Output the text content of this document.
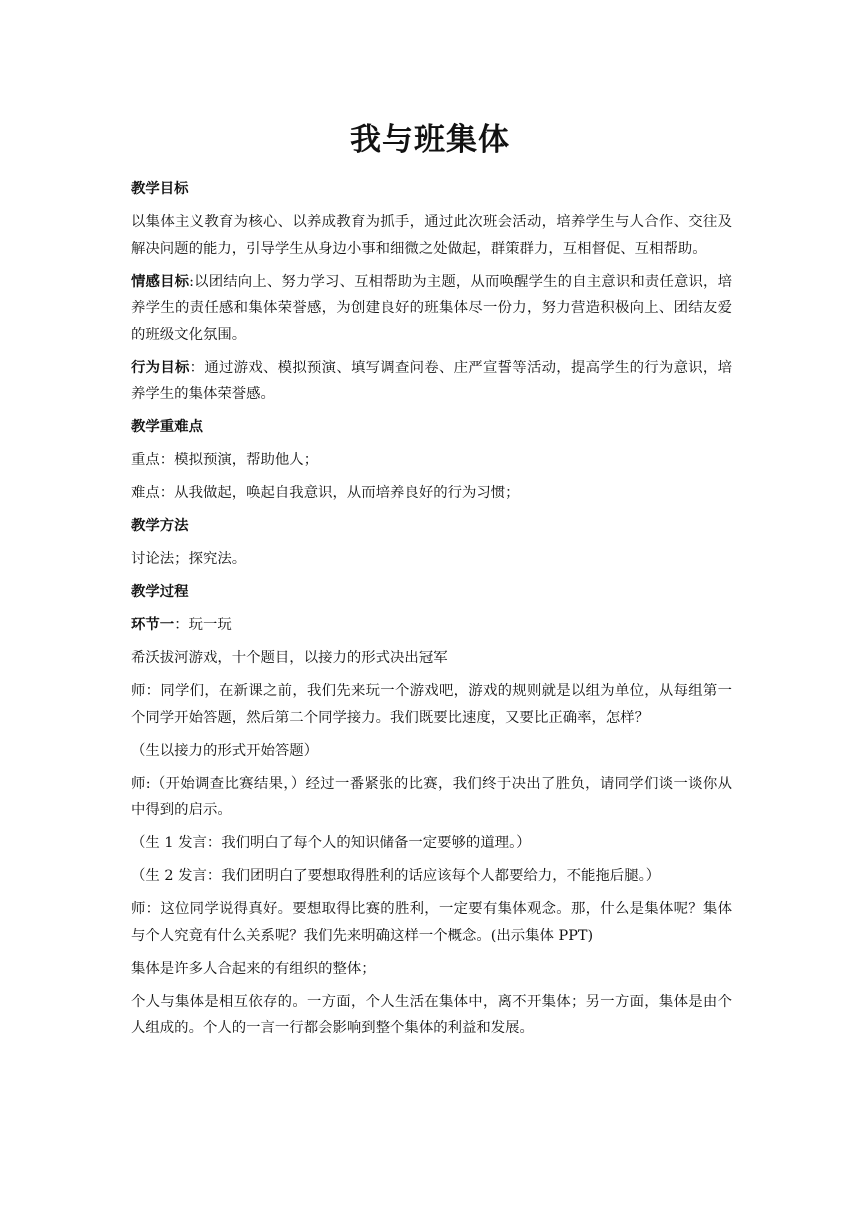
我与班集体

教学目标

以集体主义教育为核心、以养成教育为抓手，通过此次班会活动，培养学生与人合作、交往及解决问题的能力，引导学生从身边小事和细微之处做起，群策群力，互相督促、互相帮助。

情感目标:以团结向上、努力学习、互相帮助为主题，从而唤醒学生的自主意识和责任意识，培养学生的责任感和集体荣誉感，为创建良好的班集体尽一份力，努力营造积极向上、团结友爱的班级文化氛围。

行为目标：通过游戏、模拟预演、填写调查问卷、庄严宣誓等活动，提高学生的行为意识，培养学生的集体荣誉感。

教学重难点

重点：模拟预演，帮助他人；

难点：从我做起，唤起自我意识，从而培养良好的行为习惯；

教学方法

讨论法；探究法。

教学过程

环节一：玩一玩

希沃拔河游戏，十个题目，以接力的形式决出冠军

师：同学们，在新课之前，我们先来玩一个游戏吧，游戏的规则就是以组为单位，从每组第一个同学开始答题，然后第二个同学接力。我们既要比速度，又要比正确率，怎样？

（生以接力的形式开始答题）

师:（开始调查比赛结果，）经过一番紧张的比赛，我们终于决出了胜负，请同学们谈一谈你从中得到的启示。

（生 1 发言：我们明白了每个人的知识储备一定要够的道理。）

（生 2 发言：我们团明白了要想取得胜利的话应该每个人都要给力，不能拖后腿。）

师：这位同学说得真好。要想取得比赛的胜利，一定要有集体观念。那，什么是集体呢？集体与个人究竟有什么关系呢？我们先来明确这样一个概念。(出示集体 PPT)

集体是许多人合起来的有组织的整体；

个人与集体是相互依存的。一方面，个人生活在集体中，离不开集体；另一方面，集体是由个人组成的。个人的一言一行都会影响到整个集体的利益和发展。
